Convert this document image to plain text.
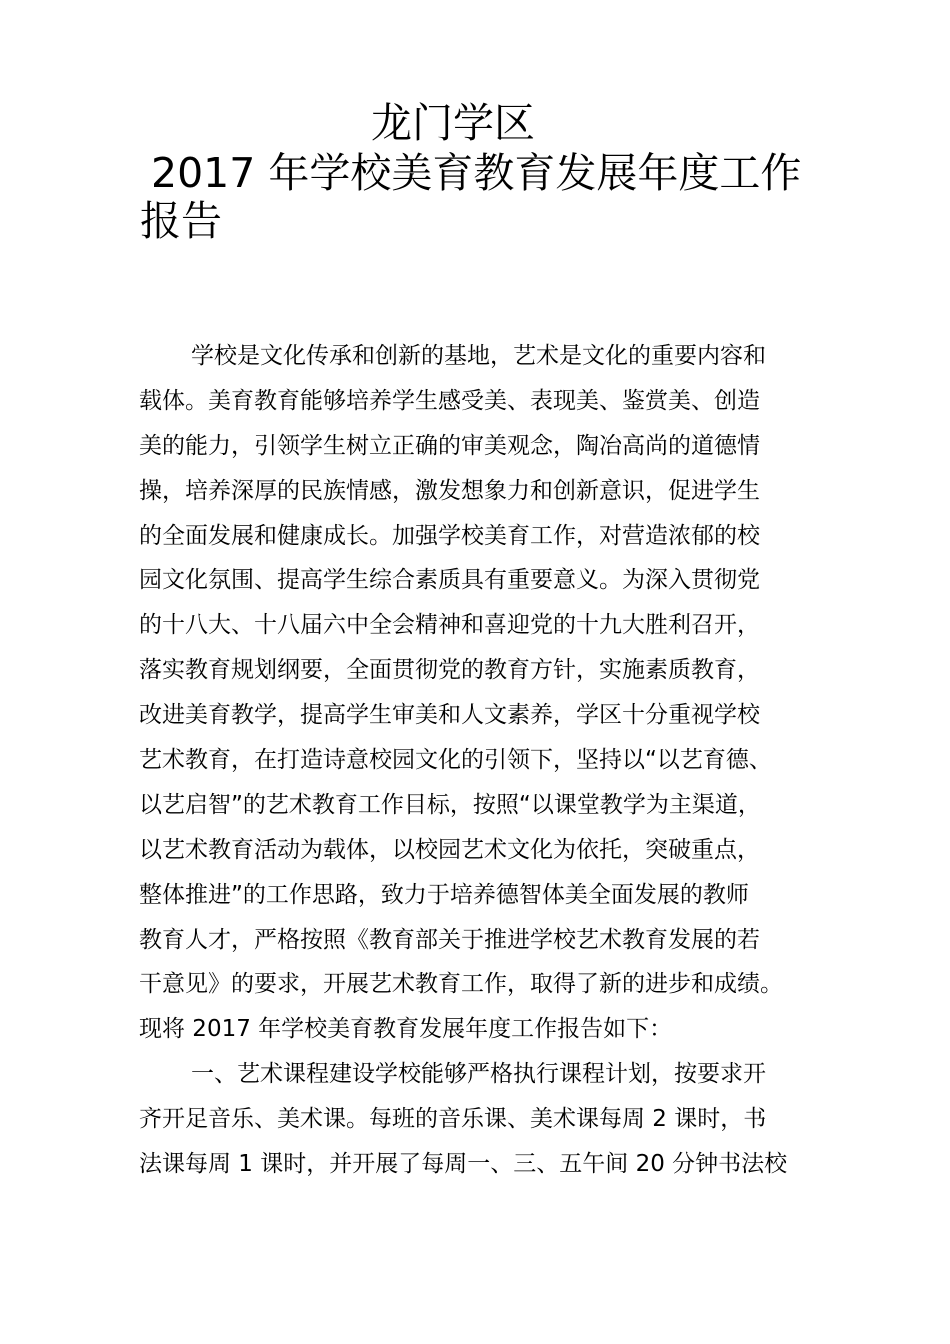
龙门学区
2017 年学校美育教育发展年度工作
报告
学校是文化传承和创新的基地，艺术是文化的重要内容和
载体。美育教育能够培养学生感受美、表现美、鉴赏美、创造
美的能力，引领学生树立正确的审美观念，陶冶高尚的道德情
操，培养深厚的民族情感，激发想象力和创新意识，促进学生
的全面发展和健康成长。加强学校美育工作，对营造浓郁的校
园文化氛围、提高学生综合素质具有重要意义。为深入贯彻党
的十八大、十八届六中全会精神和喜迎党的十九大胜利召开，
落实教育规划纲要，全面贯彻党的教育方针，实施素质教育，
改进美育教学，提高学生审美和人文素养，学区十分重视学校
艺术教育，在打造诗意校园文化的引领下，坚持以“以艺育德、
以艺启智”的艺术教育工作目标，按照“以课堂教学为主渠道，
以艺术教育活动为载体，以校园艺术文化为依托，突破重点，
整体推进”的工作思路，致力于培养德智体美全面发展的教师
教育人才，严格按照《教育部关于推进学校艺术教育发展的若
干意见》的要求，开展艺术教育工作，取得了新的进步和成绩。
现将 2017 年学校美育教育发展年度工作报告如下：
一、艺术课程建设学校能够严格执行课程计划，按要求开
齐开足音乐、美术课。每班的音乐课、美术课每周 2 课时，书
法课每周 1 课时，并开展了每周一、三、五午间 20 分钟书法校
